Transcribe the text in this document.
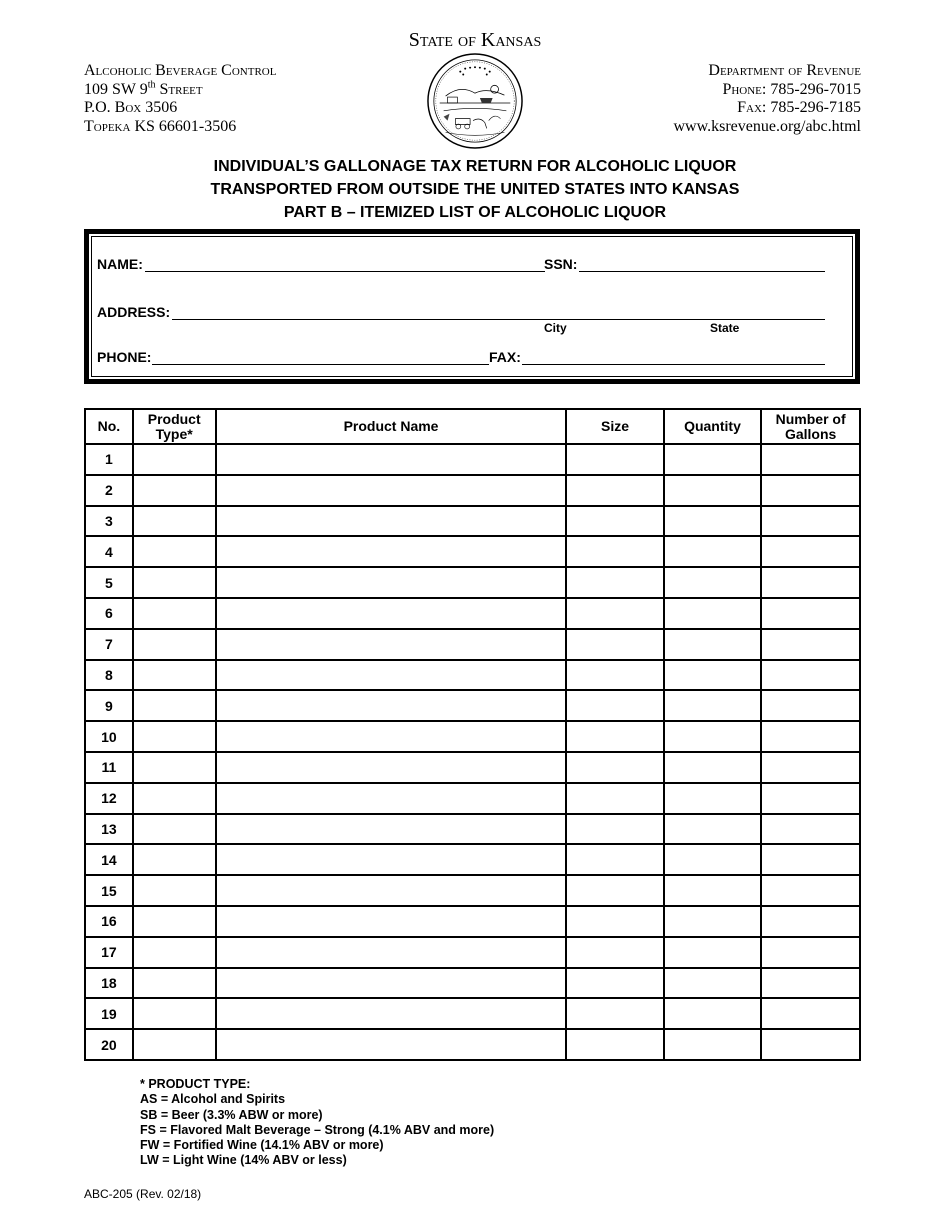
State of Kansas
Alcoholic Beverage Control
109 SW 9th Street
P.O. Box 3506
Topeka KS 66601-3506
Department of Revenue
Phone: 785-296-7015
Fax: 785-296-7185
www.ksrevenue.org/abc.html
INDIVIDUAL’S GALLONAGE TAX RETURN FOR ALCOHOLIC LIQUOR
TRANSPORTED FROM OUTSIDE THE UNITED STATES INTO KANSAS
PART B – ITEMIZED LIST OF ALCOHOLIC LIQUOR
NAME:	SSN:
ADDRESS:
City	State
PHONE:	FAX:
No.	Product Type*	Product Name	Size	Quantity	Number of Gallons
1					
2					
3					
4					
5					
6					
7					
8					
9					
10					
11					
12					
13					
14					
15					
16					
17					
18					
19					
20					
* PRODUCT TYPE:
AS = Alcohol and Spirits
SB = Beer (3.3% ABW or more)
FS = Flavored Malt Beverage – Strong (4.1% ABV and more)
FW = Fortified Wine (14.1% ABV or more)
LW = Light Wine (14% ABV or less)
ABC-205 (Rev. 02/18)
